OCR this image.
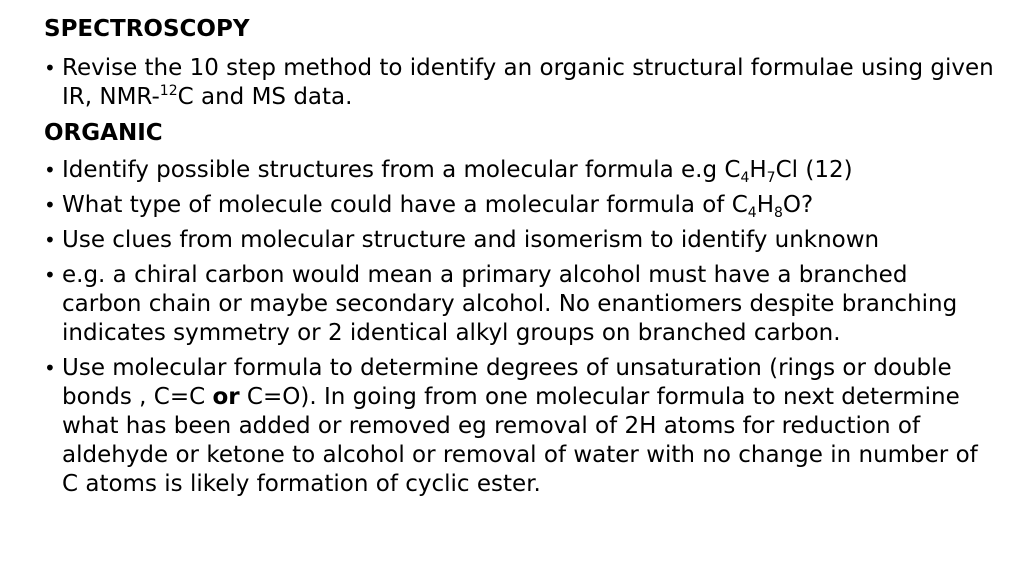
SPECTROSCOPY
• Revise the 10 step method to identify an organic structural formulae using given IR, NMR-$^{12}$C and MS data.
ORGANIC
• Identify possible structures from a molecular formula e.g $C_4H_7Cl$ (12)
• What type of molecule could have a molecular formula of $C_4H_8O$?
• Use clues from molecular structure and isomerism to identify unknown
• e.g. a chiral carbon would mean a primary alcohol must have a branched carbon chain or maybe secondary alcohol. No enantiomers despite branching indicates symmetry or 2 identical alkyl groups on branched carbon.
• Use molecular formula to determine degrees of unsaturation (rings or double bonds , C=C or C=O). In going from one molecular formula to next determine what has been added or removed eg removal of 2H atoms for reduction of aldehyde or ketone to alcohol or removal of water with no change in number of C atoms is likely formation of cyclic ester.
